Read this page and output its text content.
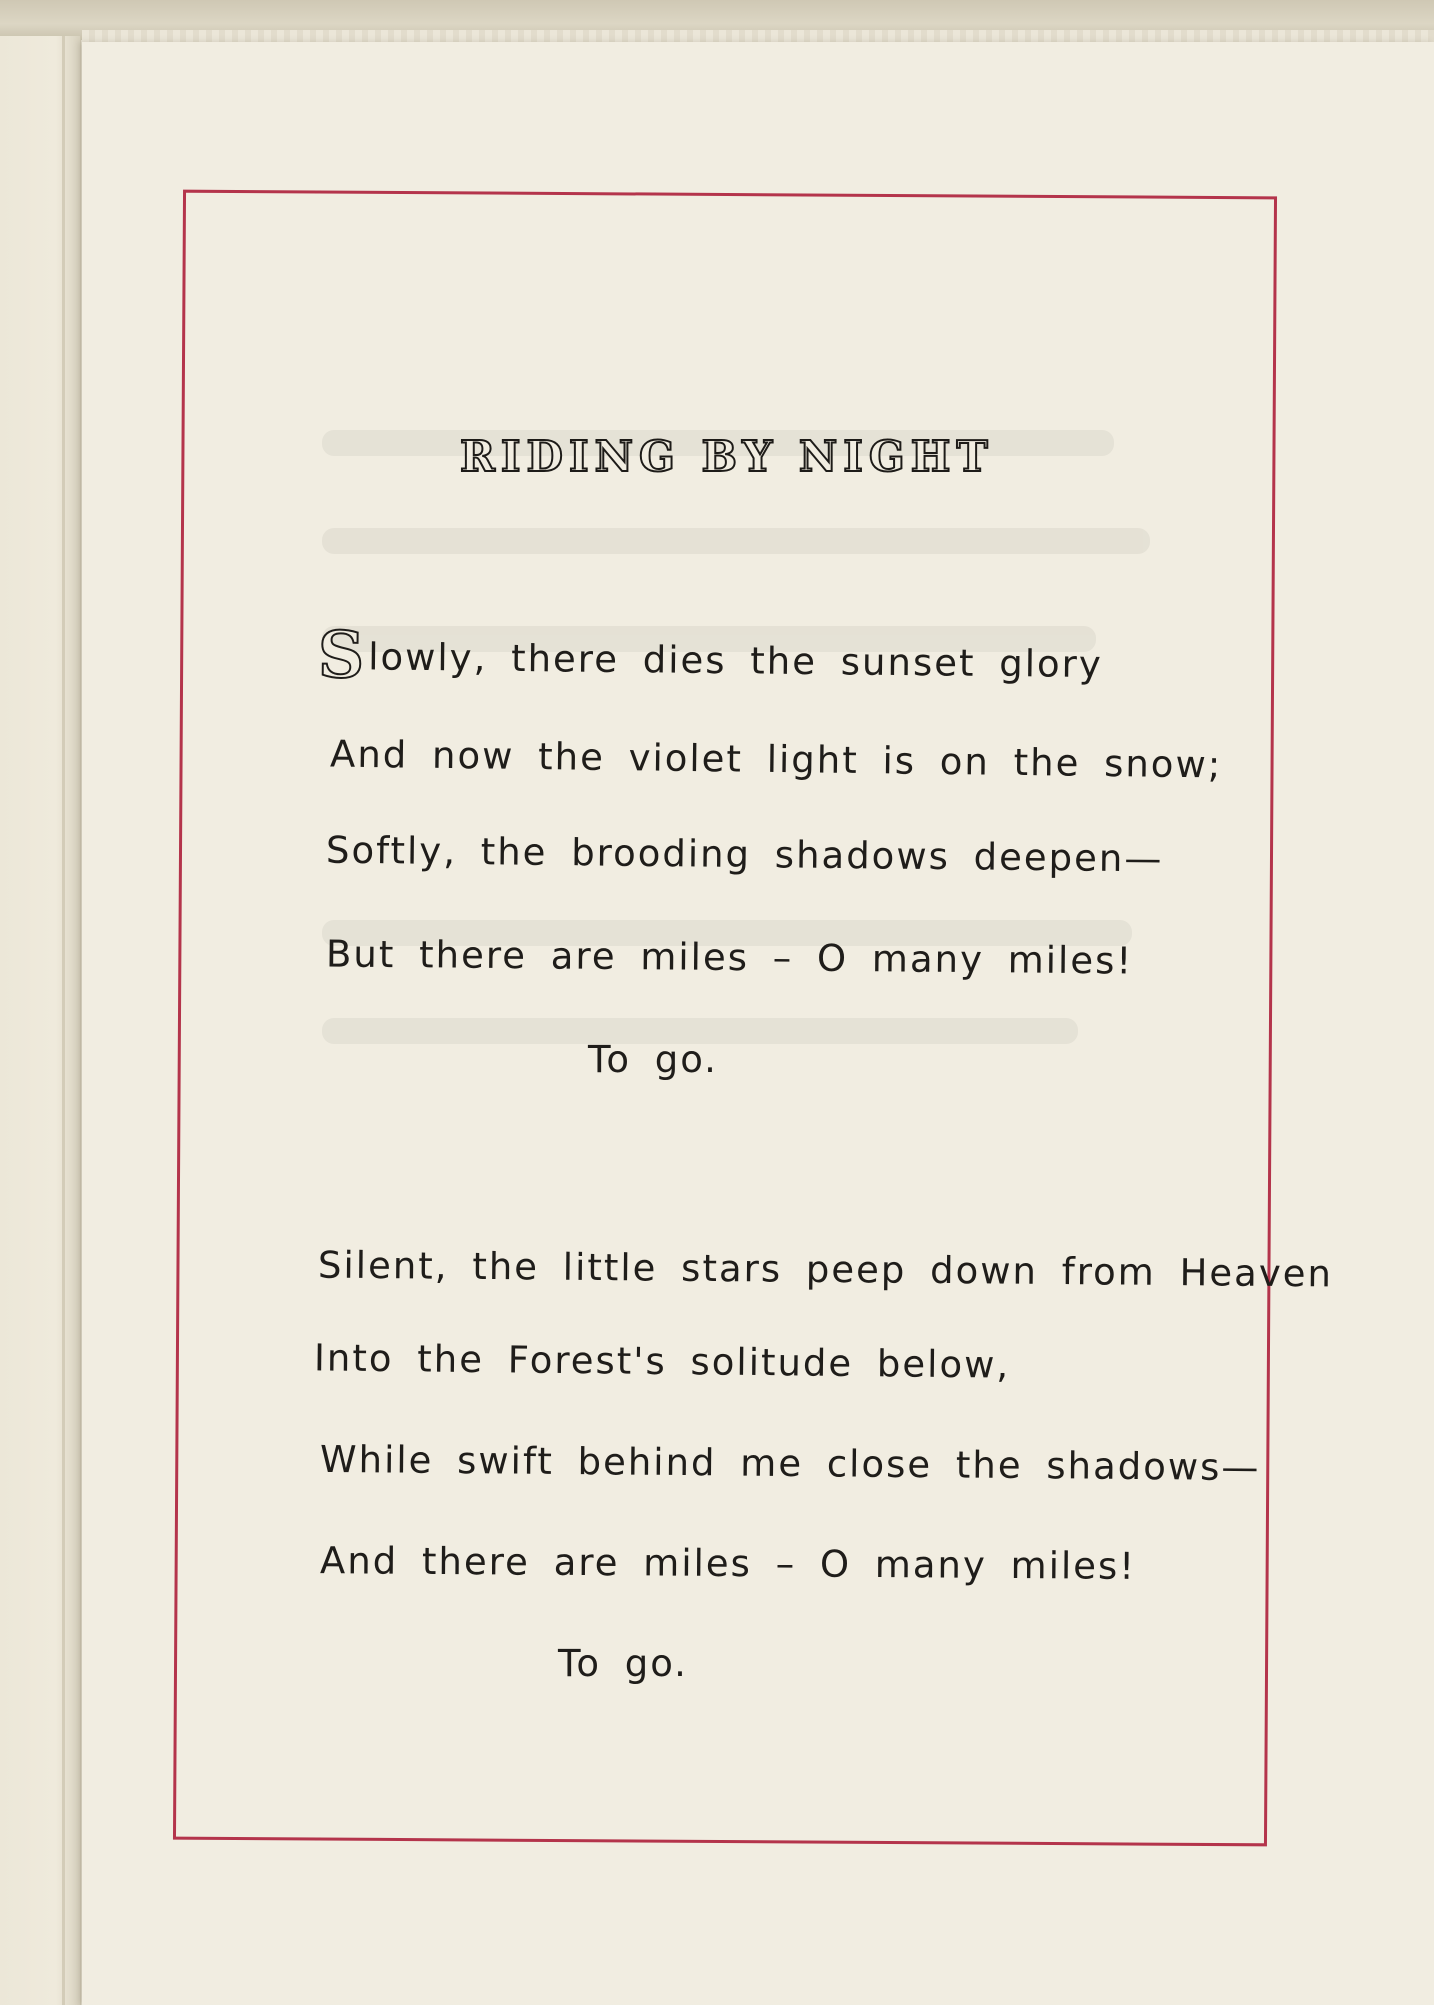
RIDING BY NIGHT
Slowly, there dies the sunset glory
And now the violet light is on the snow;
Softly, the brooding shadows deepen—
But there are miles – O many miles!
To go.
Silent, the little stars peep down from Heaven
Into the Forest's solitude below,
While swift behind me close the shadows—
And there are miles – O many miles!
To go.
